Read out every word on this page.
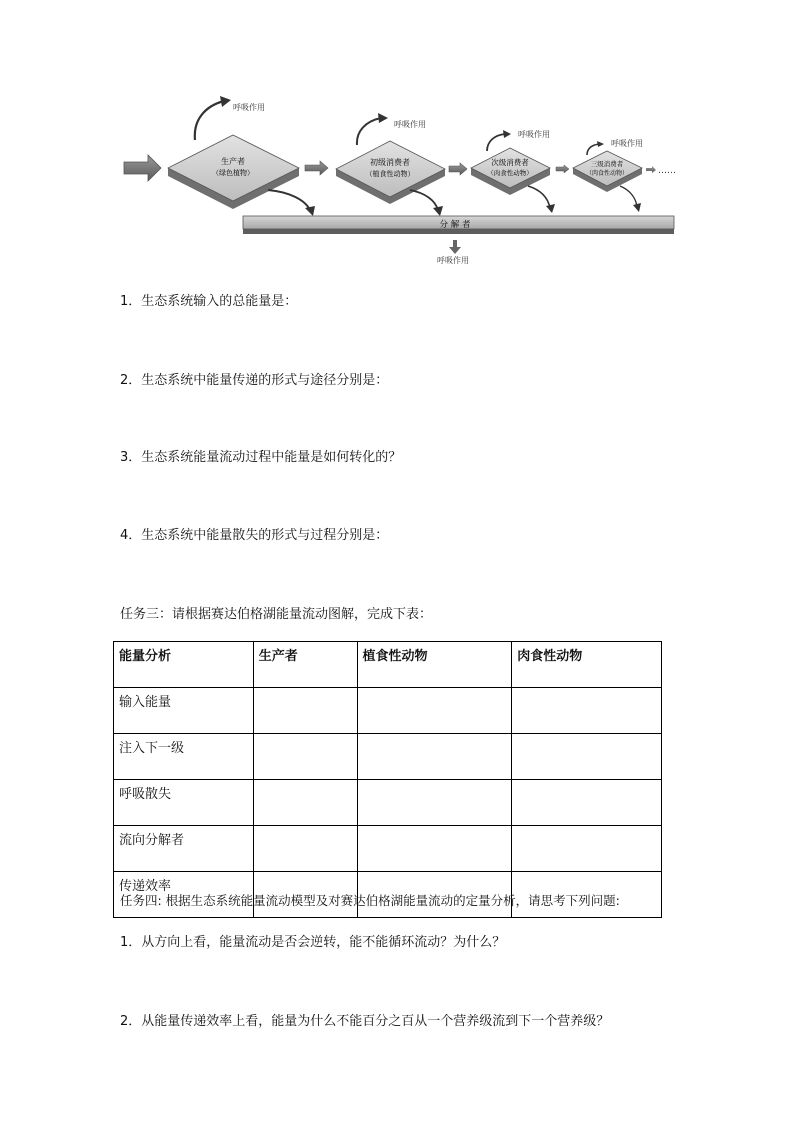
生产者
（绿色植物）
呼吸作用
初级消费者
（植食性动物）
呼吸作用
次级消费者
（肉食性动物）
呼吸作用
三级消费者
（肉食性动物）
呼吸作用
……
分 解 者
呼吸作用
1．生态系统输入的总能量是：
2．生态系统中能量传递的形式与途径分别是：
3．生态系统能量流动过程中能量是如何转化的？
4．生态系统中能量散失的形式与过程分别是：
任务三：请根据赛达伯格湖能量流动图解，完成下表：
能量分析	生产者	植食性动物	肉食性动物
输入能量			
注入下一级			
呼吸散失			
流向分解者			
传递效率			
任务四: 根据生态系统能量流动模型及对赛达伯格湖能量流动的定量分析，请思考下列问题:
1．从方向上看，能量流动是否会逆转，能不能循环流动？为什么？
2．从能量传递效率上看，能量为什么不能百分之百从一个营养级流到下一个营养级？
